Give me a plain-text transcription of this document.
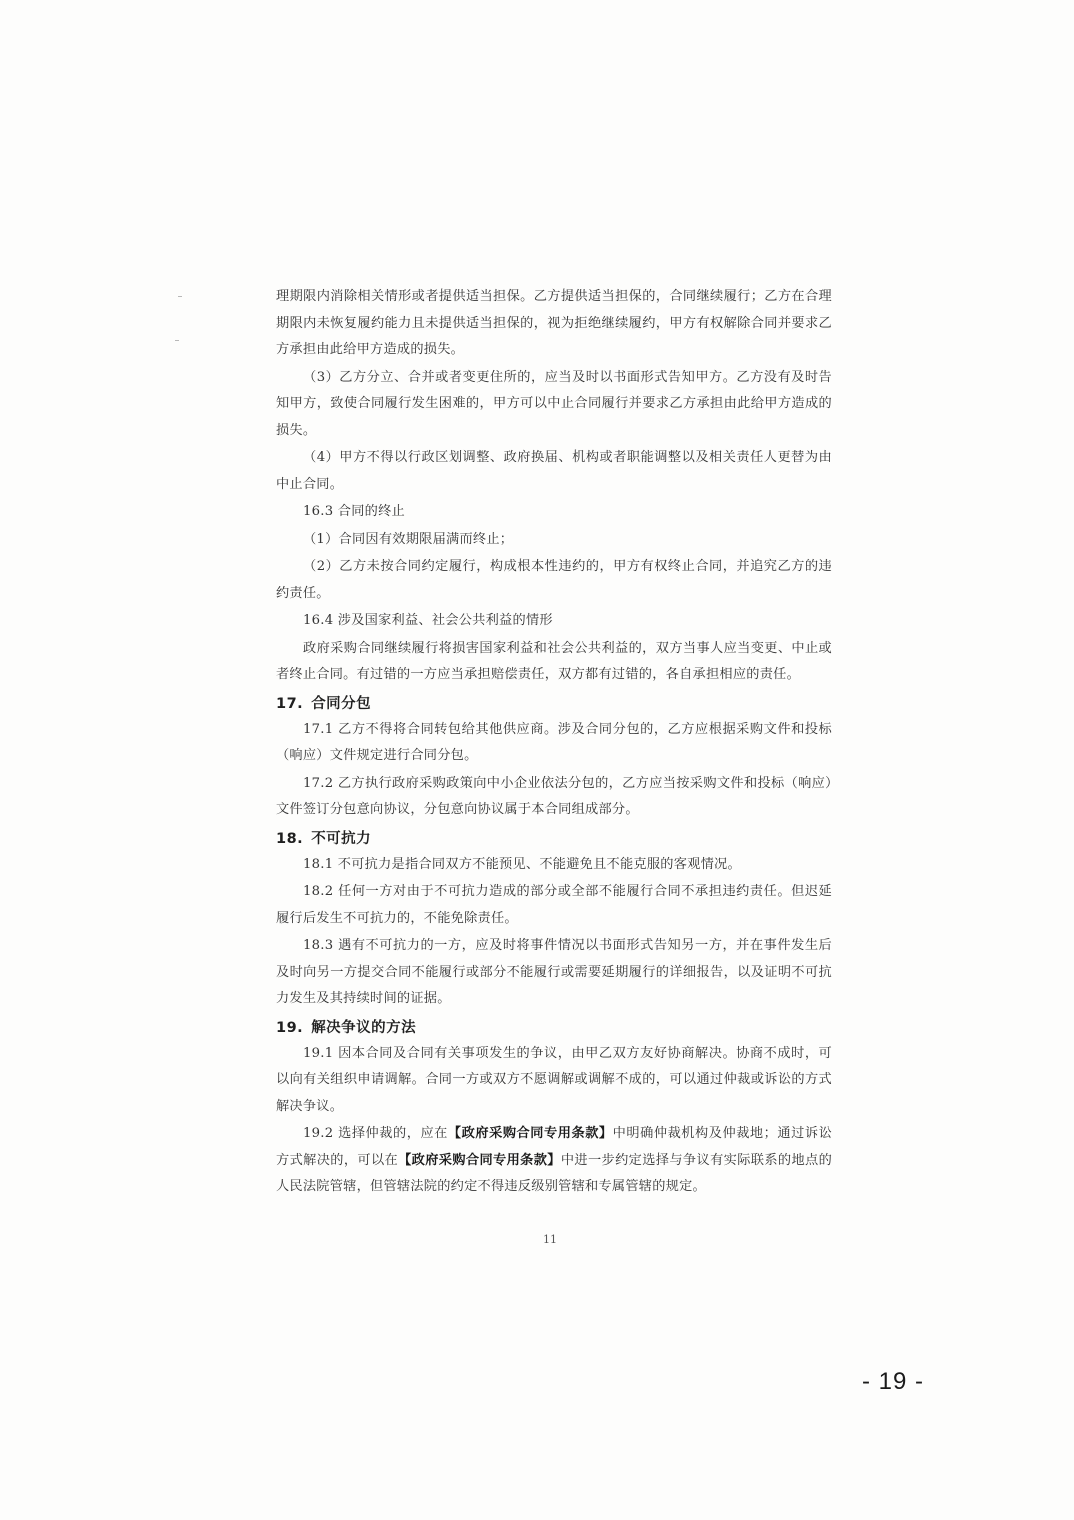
理期限内消除相关情形或者提供适当担保。乙方提供适当担保的，合同继续履行；乙方在合理期限内未恢复履约能力且未提供适当担保的，视为拒绝继续履约，甲方有权解除合同并要求乙方承担由此给甲方造成的损失。

（3）乙方分立、合并或者变更住所的，应当及时以书面形式告知甲方。乙方没有及时告知甲方，致使合同履行发生困难的，甲方可以中止合同履行并要求乙方承担由此给甲方造成的损失。

（4）甲方不得以行政区划调整、政府换届、机构或者职能调整以及相关责任人更替为由中止合同。

16.3 合同的终止

（1）合同因有效期限届满而终止；

（2）乙方未按合同约定履行，构成根本性违约的，甲方有权终止合同，并追究乙方的违约责任。

16.4 涉及国家利益、社会公共利益的情形

政府采购合同继续履行将损害国家利益和社会公共利益的，双方当事人应当变更、中止或者终止合同。有过错的一方应当承担赔偿责任，双方都有过错的，各自承担相应的责任。

17. 合同分包

17.1 乙方不得将合同转包给其他供应商。涉及合同分包的，乙方应根据采购文件和投标（响应）文件规定进行合同分包。

17.2 乙方执行政府采购政策向中小企业依法分包的，乙方应当按采购文件和投标（响应）文件签订分包意向协议，分包意向协议属于本合同组成部分。

18. 不可抗力

18.1 不可抗力是指合同双方不能预见、不能避免且不能克服的客观情况。

18.2 任何一方对由于不可抗力造成的部分或全部不能履行合同不承担违约责任。但迟延履行后发生不可抗力的，不能免除责任。

18.3 遇有不可抗力的一方，应及时将事件情况以书面形式告知另一方，并在事件发生后及时向另一方提交合同不能履行或部分不能履行或需要延期履行的详细报告，以及证明不可抗力发生及其持续时间的证据。

19. 解决争议的方法

19.1 因本合同及合同有关事项发生的争议，由甲乙双方友好协商解决。协商不成时，可以向有关组织申请调解。合同一方或双方不愿调解或调解不成的，可以通过仲裁或诉讼的方式解决争议。

19.2 选择仲裁的，应在【政府采购合同专用条款】中明确仲裁机构及仲裁地；通过诉讼方式解决的，可以在【政府采购合同专用条款】中进一步约定选择与争议有实际联系的地点的人民法院管辖，但管辖法院的约定不得违反级别管辖和专属管辖的规定。

11
- 19 -
